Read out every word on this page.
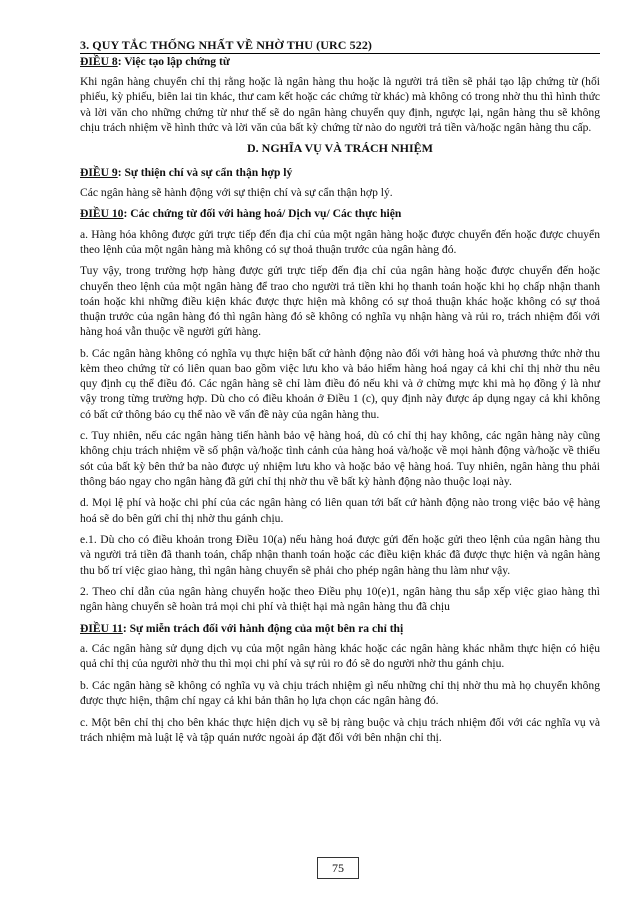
3. QUY TẮC THỐNG NHẤT VỀ NHỜ THU (URC 522)
ĐIỀU 8: Việc tạo lập chứng từ

Khi ngân hàng chuyển chỉ thị rằng hoặc là ngân hàng thu hoặc là người trả tiền sẽ phải tạo lập chứng từ (hối phiếu, kỳ phiếu, biên lai tin khác, thư cam kết hoặc các chứng từ khác) mà không có trong nhờ thu thì hình thức và lời văn cho những chứng từ như thế sẽ do ngân hàng chuyển quy định, ngược lại, ngân hàng thu sẽ không chịu trách nhiệm về hình thức và lời văn của bất kỳ chứng từ nào do người trả tiền và/hoặc ngân hàng thu cấp.

D. NGHĨA VỤ VÀ TRÁCH NHIỆM
ĐIỀU 9: Sự thiện chí và sự cẩn thận hợp lý

Các ngân hàng sẽ hành động với sự thiện chí và sự cẩn thận hợp lý.

ĐIỀU 10: Các chứng từ đối với hàng hoá/ Dịch vụ/ Các thực hiện

a. Hàng hóa không được gửi trực tiếp đến địa chỉ của một ngân hàng hoặc được chuyển đến hoặc được chuyển theo lệnh của một ngân hàng mà không có sự thoả thuận trước của ngân hàng đó.

Tuy vậy, trong trường hợp hàng được gửi trực tiếp đến địa chỉ của ngân hàng hoặc được chuyển đến hoặc chuyển theo lệnh của một ngân hàng để trao cho người trả tiền khi họ thanh toán hoặc khi họ chấp nhận thanh toán hoặc khi những điều kiện khác được thực hiện mà không có sự thoả thuận khác hoặc không có sự thoả thuận trước của ngân hàng đó thì ngân hàng đó sẽ không có nghĩa vụ nhận hàng và rủi ro, trách nhiệm đối với hàng hoá vẫn thuộc về người gửi hàng.

b. Các ngân hàng không có nghĩa vụ thực hiện bất cứ hành động nào đối với hàng hoá và phương thức nhờ thu kèm theo chứng từ có liên quan bao gồm việc lưu kho và bảo hiểm hàng hoá ngay cả khi chỉ thị nhờ thu nêu quy định cụ thể điều đó. Các ngân hàng sẽ chỉ làm điều đó nếu khi và ở chừng mực khi mà họ đồng ý là như vậy trong từng trường hợp. Dù cho có điều khoản ở Điều 1 (c), quy định này được áp dụng ngay cả khi không có bất cứ thông báo cụ thể nào về vấn đề này của ngân hàng thu.

c. Tuy nhiên, nếu các ngân hàng tiến hành bảo vệ hàng hoá, dù có chỉ thị hay không, các ngân hàng này cũng không chịu trách nhiệm về số phận và/hoặc tình cảnh của hàng hoá và/hoặc về mọi hành động và/hoặc về thiếu sót của bất kỳ bên thứ ba nào được uỷ nhiệm lưu kho và hoặc bảo vệ hàng hoá. Tuy nhiên, ngân hàng thu phải thông báo ngay cho ngân hàng đã gửi chỉ thị nhờ thu về bất kỳ hành động nào thuộc loại này.

d. Mọi lệ phí và hoặc chi phí của các ngân hàng có liên quan tới bất cứ hành động nào trong việc bảo vệ hàng hoá sẽ do bên gửi chỉ thị nhờ thu gánh chịu.

e.1. Dù cho có điều khoản trong Điều 10(a) nếu hàng hoá được gửi đến hoặc gửi theo lệnh của ngân hàng thu và người trả tiền đã thanh toán, chấp nhận thanh toán hoặc các điều kiện khác đã được thực hiện và ngân hàng thu bố trí việc giao hàng, thì ngân hàng chuyển sẽ phải cho phép ngân hàng thu làm như vậy.

2. Theo chỉ dẫn của ngân hàng chuyển hoặc theo Điều phụ 10(e)1, ngân hàng thu sắp xếp việc giao hàng thì ngân hàng chuyển sẽ hoàn trả mọi chi phí và thiệt hại mà ngân hàng thu đã chịu

ĐIỀU 11: Sự miễn trách đối với hành động của một bên ra chỉ thị

a. Các ngân hàng sử dụng dịch vụ của một ngân hàng khác hoặc các ngân hàng khác nhằm thực hiện có hiệu quả chỉ thị của người nhờ thu thì mọi chi phí và sự rủi ro đó sẽ do người nhờ thu gánh chịu.

b. Các ngân hàng sẽ không có nghĩa vụ và chịu trách nhiệm gì nếu những chỉ thị nhờ thu mà họ chuyển không được thực hiện, thậm chí ngay cả khi bản thân họ lựa chọn các ngân hàng đó.

c. Một bên chỉ thị cho bên khác thực hiện dịch vụ sẽ bị ràng buộc và chịu trách nhiệm đối với các nghĩa vụ và trách nhiệm mà luật lệ và tập quán nước ngoài áp đặt đối với bên nhận chỉ thị.

75
